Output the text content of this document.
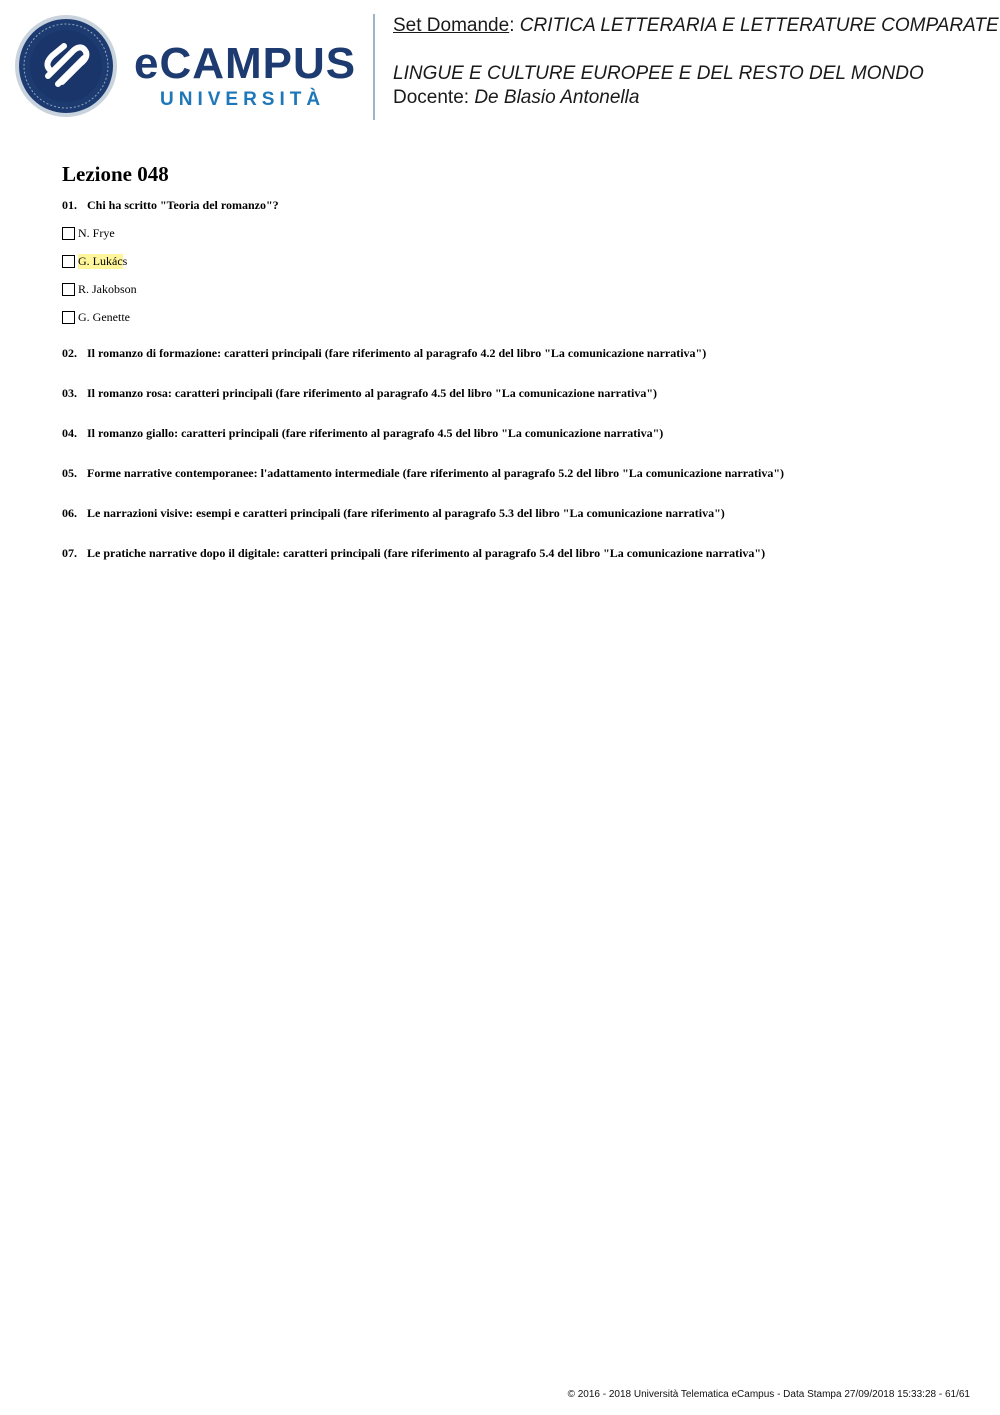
eCAMPUS
UNIVERSITÀ
Set Domande: CRITICA LETTERARIA E LETTERATURE COMPARATE
LINGUE E CULTURE EUROPEE E DEL RESTO DEL MONDO
Docente: De Blasio Antonella
Lezione 048
01. Chi ha scritto "Teoria del romanzo"?
N. Frye
G. Lukác s
R. Jakobson
G. Genette
02. Il romanzo di formazione: caratteri principali (fare riferimento al paragrafo 4.2 del libro "La comunicazione narrativa")
03. Il romanzo rosa: caratteri principali (fare riferimento al paragrafo 4.5 del libro "La comunicazione narrativa")
04. Il romanzo giallo: caratteri principali (fare riferimento al paragrafo 4.5 del libro "La comunicazione narrativa")
05. Forme narrative contemporanee: l'adattamento intermediale (fare riferimento al paragrafo 5.2 del libro "La comunicazione narrativa")
06. Le narrazioni visive: esempi e caratteri principali (fare riferimento al paragrafo 5.3 del libro "La comunicazione narrativa")
07. Le pratiche narrative dopo il digitale: caratteri principali (fare riferimento al paragrafo 5.4 del libro "La comunicazione narrativa")
© 2016 - 2018 Università Telematica eCampus - Data Stampa 27/09/2018 15:33:28 - 61/61
